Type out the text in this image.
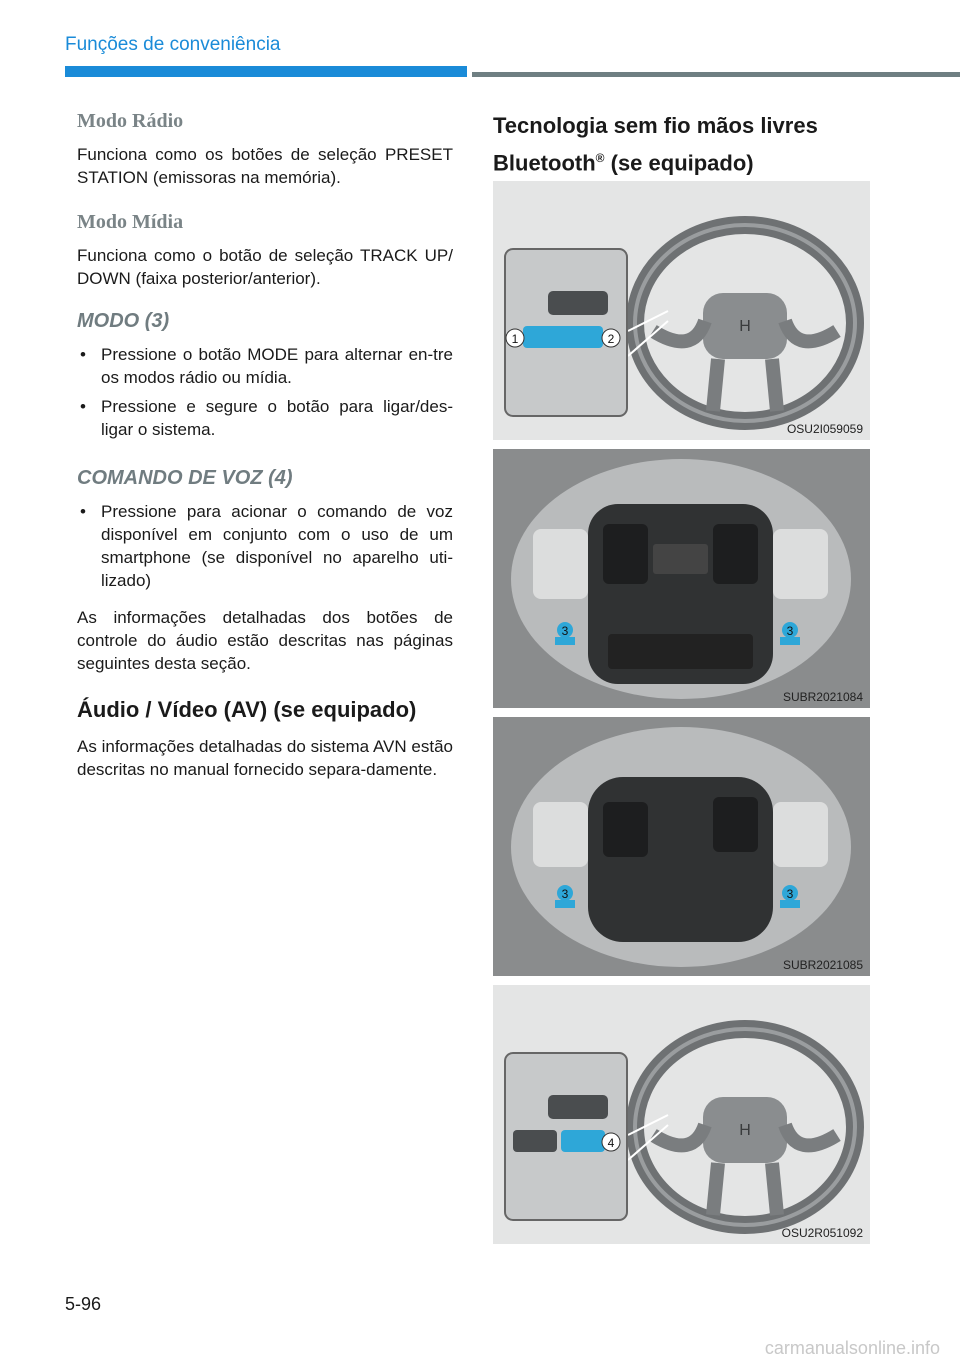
Funções de conveniência
Modo Rádio

Funciona como os botões de seleção PRESET STATION (emissoras na memória).

Modo Mídia

Funciona como o botão de seleção TRACK UP/ DOWN (faixa posterior/anterior).

MODO (3)
• Pressione o botão MODE para alternar en-tre os modos rádio ou mídia.
• Pressione e segure o botão para ligar/des-ligar o sistema.
COMANDO DE VOZ (4)
• Pressione para acionar o comando de voz disponível em conjunto com o uso de um smartphone (se disponível no aparelho uti-lizado)

As informações detalhadas dos botões de controle do áudio estão descritas nas páginas seguintes desta seção.

Áudio / Vídeo (AV) (se equipado)

As informações detalhadas do sistema AVN estão descritas no manual fornecido separa-damente.

Tecnologia sem fio mãos livres
Bluetooth® (se equipado)
H
1	2
OSU2I059059
3	3
SUBR2021084
3	3
SUBR2021085
H
4
OSU2R051092
5-96
carmanualsonline.info
